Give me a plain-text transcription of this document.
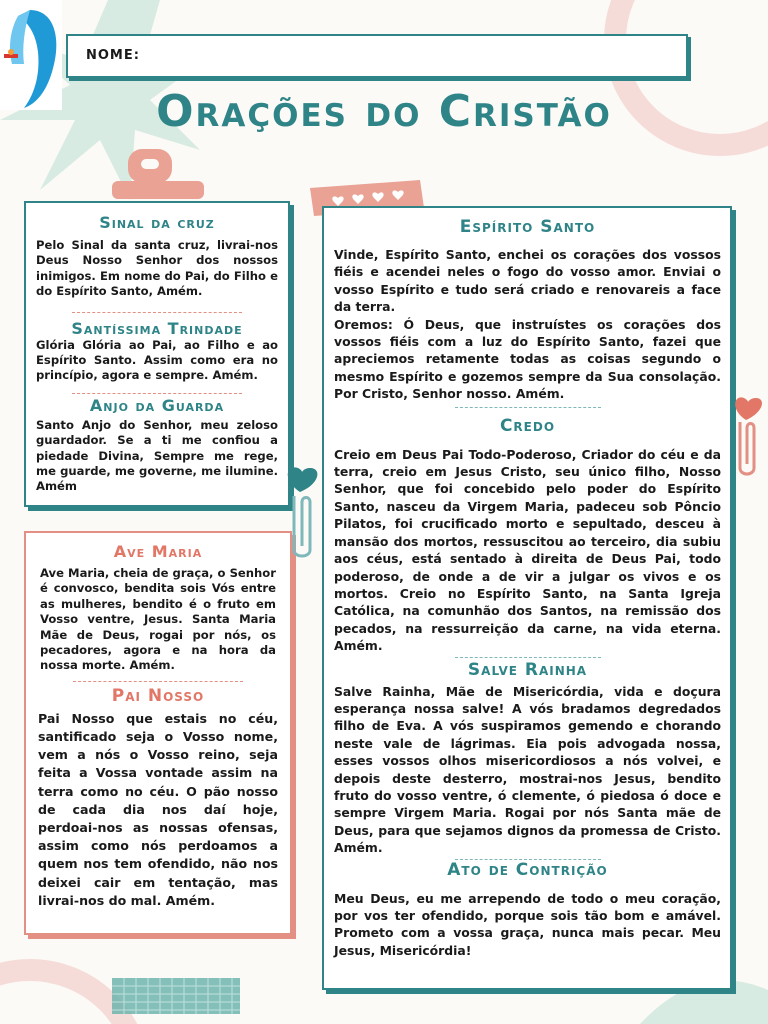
NOME:
Orações do Cristão
Sinal da cruz

Pelo Sinal da santa cruz, livrai-nos Deus Nosso Senhor dos nossos inimigos. Em nome do Pai, do Filho e do Espírito Santo, Amém.

Santíssima Trindade

Glória Glória ao Pai, ao Filho e ao Espírito Santo. Assim como era no princípio, agora e sempre. Amém.

Anjo da Guarda

Santo Anjo do Senhor, meu zeloso guardador. Se a ti me confiou a piedade Divina, Sempre me rege, me guarde, me governe, me ilumine. Amém

Ave Maria

Ave Maria, cheia de graça, o Senhor é convosco, bendita sois Vós entre as mulheres, bendito é o fruto em Vosso ventre, Jesus. Santa Maria Mãe de Deus, rogai por nós, os pecadores, agora e na hora da nossa morte. Amém.

Pai Nosso

Pai Nosso que estais no céu, santificado seja o Vosso nome, vem a nós o Vosso reino, seja feita a Vossa vontade assim na terra como no céu. O pão nosso de cada dia nos daí hoje, perdoai-nos as nossas ofensas, assim como nós perdoamos a quem nos tem ofendido, não nos deixei cair em tentação, mas livrai-nos do mal. Amém.

Espírito Santo

Vinde, Espírito Santo, enchei os corações dos vossos fiéis e acendei neles o fogo do vosso amor. Enviai o vosso Espírito e tudo será criado e renovareis a face da terra.
Oremos: Ó Deus, que instruístes os corações dos vossos fiéis com a luz do Espírito Santo, fazei que apreciemos retamente todas as coisas segundo o mesmo Espírito e gozemos sempre da Sua consolação. Por Cristo, Senhor nosso. Amém.

Credo

Creio em Deus Pai Todo-Poderoso, Criador do céu e da terra, creio em Jesus Cristo, seu único filho, Nosso Senhor, que foi concebido pelo poder do Espírito Santo, nasceu da Virgem Maria, padeceu sob Pôncio Pilatos, foi crucificado morto e sepultado, desceu à mansão dos mortos, ressuscitou ao terceiro, dia subiu aos céus, está sentado à direita de Deus Pai, todo poderoso, de onde a de vir a julgar os vivos e os mortos. Creio no Espírito Santo, na Santa Igreja Católica, na comunhão dos Santos, na remissão dos pecados, na ressurreição da carne, na vida eterna. Amém.

Salve Rainha

Salve Rainha, Mãe de Misericórdia, vida e doçura esperança nossa salve! A vós bradamos degredados filho de Eva. A vós suspiramos gemendo e chorando neste vale de lágrimas. Eia pois advogada nossa, esses vossos olhos misericordiosos a nós volvei, e depois deste desterro, mostrai-nos Jesus, bendito fruto do vosso ventre, ó clemente, ó piedosa ó doce e sempre Virgem Maria. Rogai por nós Santa mãe de Deus, para que sejamos dignos da promessa de Cristo. Amém.

Ato de Contrição

Meu Deus, eu me arrependo de todo o meu coração, por vos ter ofendido, porque sois tão bom e amável. Prometo com a vossa graça, nunca mais pecar. Meu Jesus, Misericórdia!
